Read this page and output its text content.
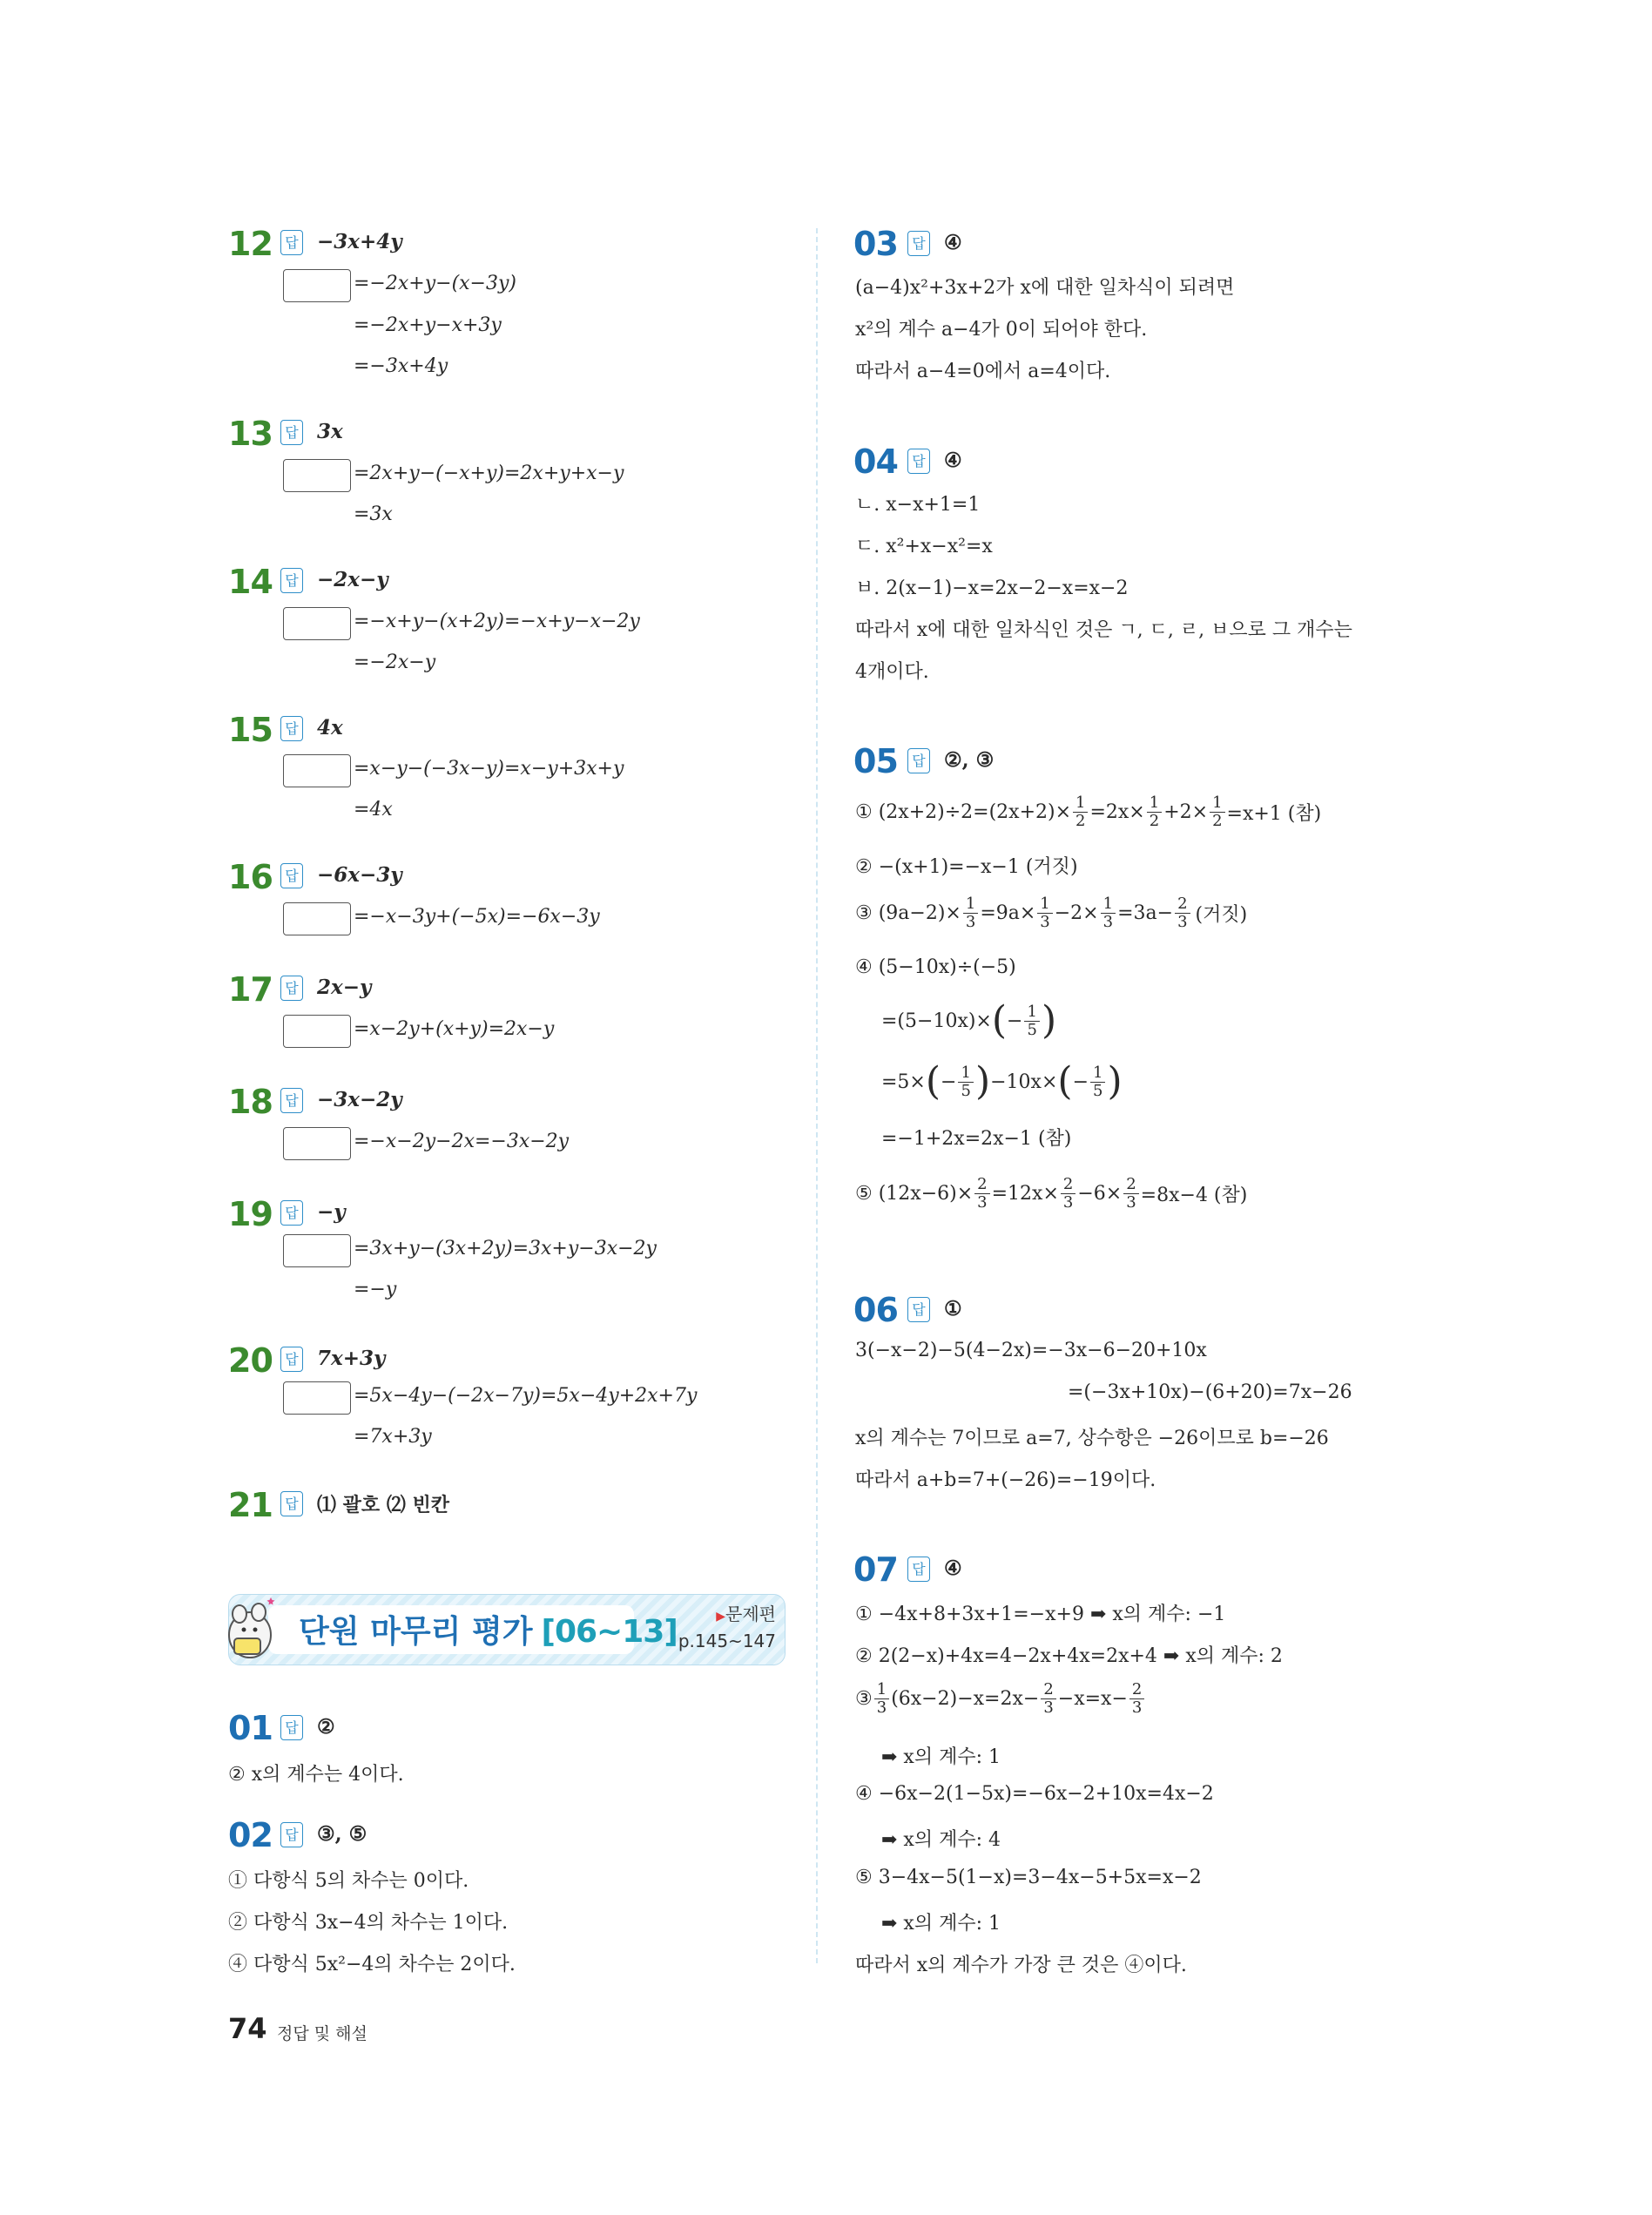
12 답 −3x+4y
=−2x+y−(x−3y)
=−2x+y−x+3y
=−3x+4y
13 답 3x
=2x+y−(−x+y)=2x+y+x−y
=3x
14 답 −2x−y
=−x+y−(x+2y)=−x+y−x−2y
=−2x−y
15 답 4x
=x−y−(−3x−y)=x−y+3x+y
=4x
16 답 −6x−3y
=−x−3y+(−5x)=−6x−3y
17 답 2x−y
=x−2y+(x+y)=2x−y
18 답 −3x−2y
=−x−2y−2x=−3x−2y
19 답 −y
=3x+y−(3x+2y)=3x+y−3x−2y
=−y
20 답 7x+3y
=5x−4y−(−2x−7y)=5x−4y+2x+7y
=7x+3y
21 답 ⑴ 괄호 ⑵ 빈칸
단원 마무리 평가 [06~13]	▶문제편
p.145~147
01 답 ②
② x의 계수는 4이다.
02 답 ③, ⑤
① 다항식 5의 차수는 0이다.
② 다항식 3x−4의 차수는 1이다.
④ 다항식 5x²−4의 차수는 2이다.
03	답 ④
(a−4)x²+3x+2가 x에 대한 일차식이 되려면
x²의 계수 a−4가 0이 되어야 한다.
따라서 a−4=0에서 a=4이다.
04	답 ④
ㄴ. x−x+1=1
ㄷ. x²+x−x²=x
ㅂ. 2(x−1)−x=2x−2−x=x−2
따라서 x에 대한 일차식인 것은 ㄱ, ㄷ, ㄹ, ㅂ으로 그 개수는
4개이다.
05	답 ②, ③
① $(2x+2)\div 2=(2x+2)\times \frac{1}{2} =2x\times \frac{1}{2} +2\times \frac{1}{2} =x+1$ (참)
② −(x+1)=−x−1 (거짓)
③ $(9a-2)\times \frac{1}{3} =9a\times \frac{1}{3} -2\times \frac{1}{3} =3a- \frac{2}{3}$ (거짓)
④ (5−10x)÷(−5)
=(5−10x)× ( − $\frac{1}{5}$ )
=5× ( − $\frac{1}{5}$ ) −10x× ( − $\frac{1}{5}$ )
=−1+2x=2x−1 (참)
⑤ $(12x-6)\times \frac{2}{3} =12x\times \frac{2}{3} -6\times \frac{2}{3} =8x-4$ (참)
06	답 ①
3(−x−2)−5(4−2x)=−3x−6−20+10x
=(−3x+10x)−(6+20)=7x−26
x의 계수는 7이므로 a=7, 상수항은 −26이므로 b=−26
따라서 a+b=7+(−26)=−19이다.
07	답 ④
① −4x+8+3x+1=−x+9 ➡ x의 계수: −1
② 2(2−x)+4x=4−2x+4x=2x+4 ➡ x의 계수: 2
③ $\frac{1}{3} (6x-2)-x=2x- \frac{2}{3} -x=x- \frac{2}{3}$
➡ x의 계수: 1
④ −6x−2(1−5x)=−6x−2+10x=4x−2
➡ x의 계수: 4
⑤ 3−4x−5(1−x)=3−4x−5+5x=x−2
➡ x의 계수: 1
따라서 x의 계수가 가장 큰 것은 ④이다.
74 정답 및 해설
